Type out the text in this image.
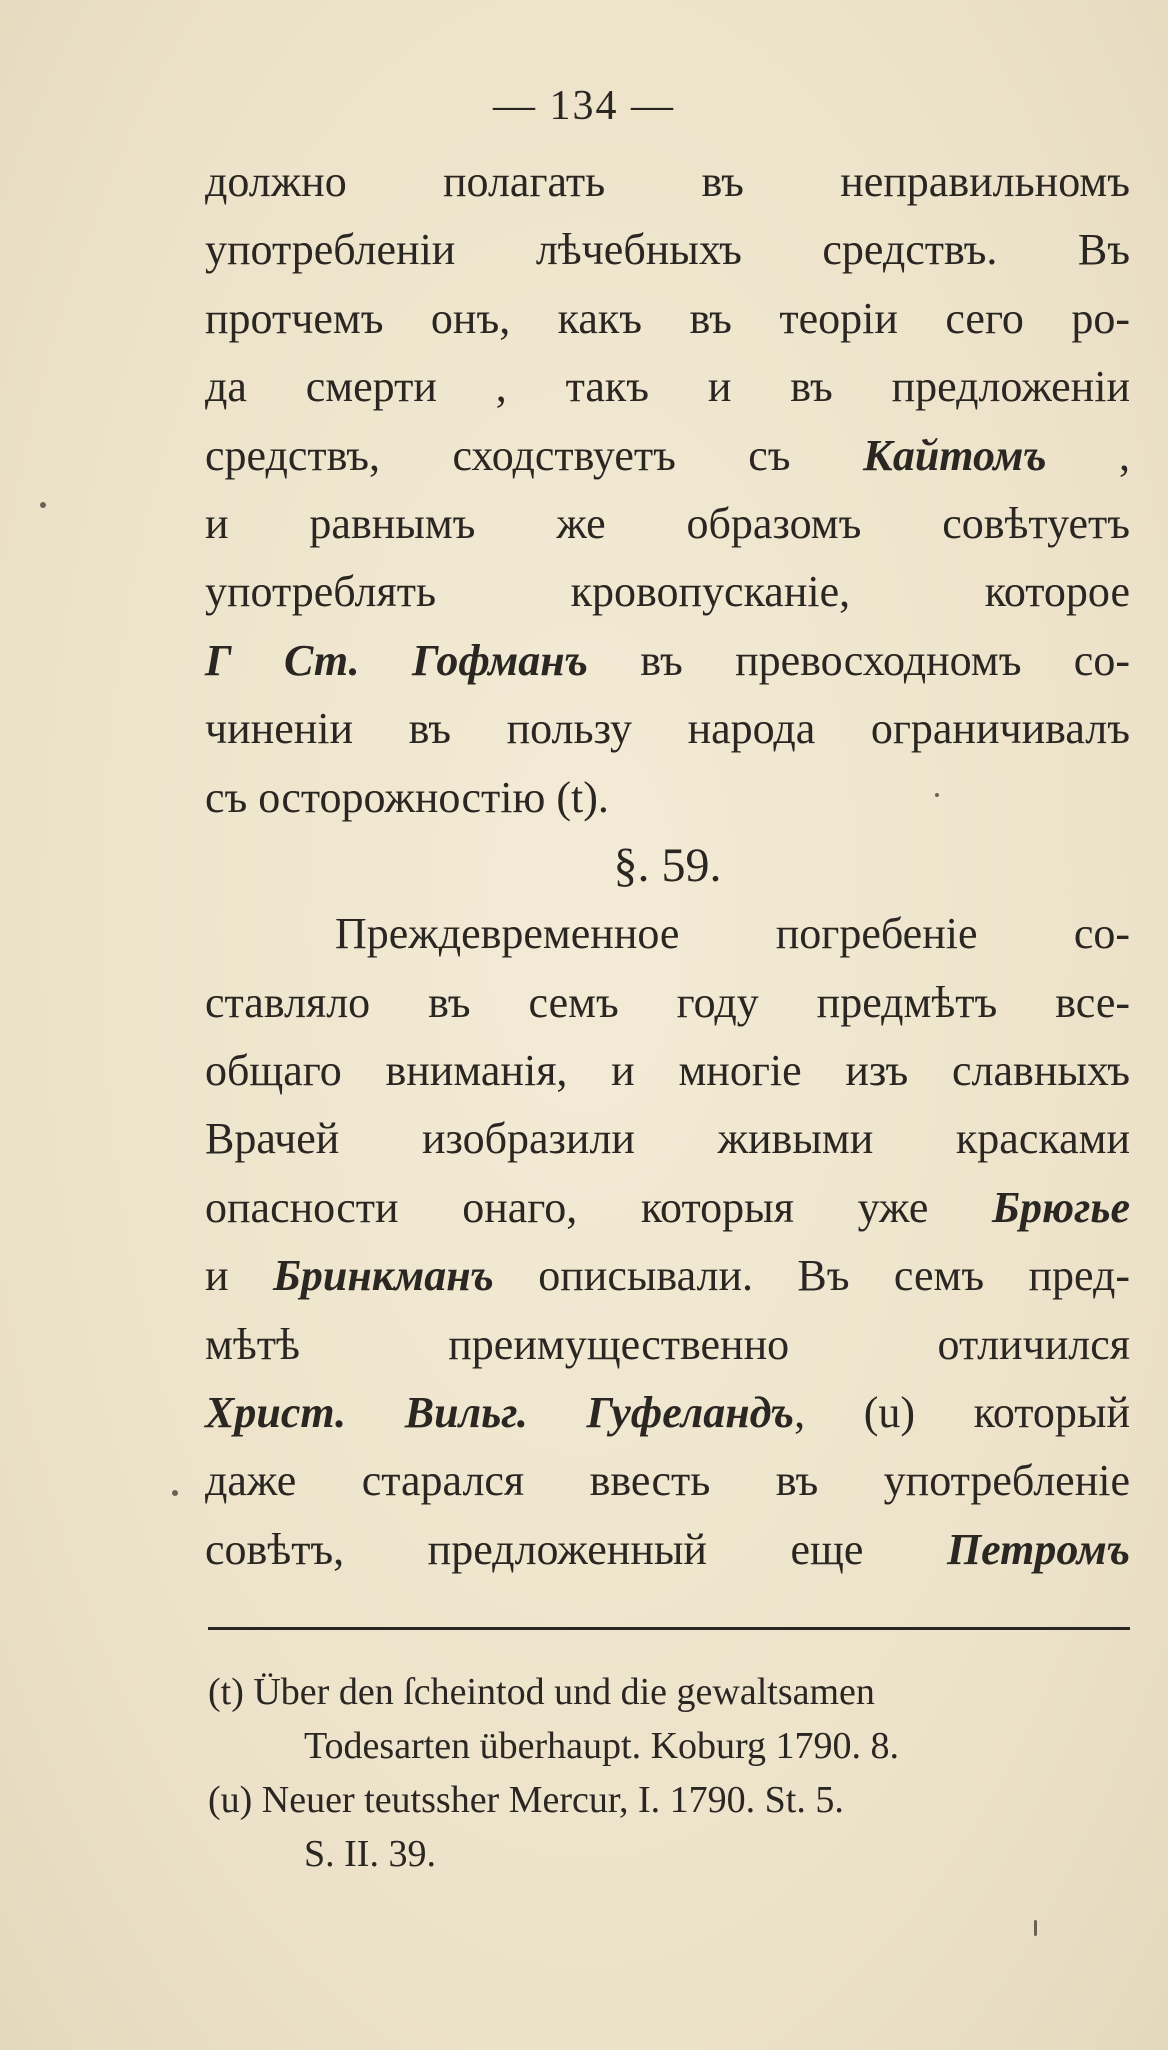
— 134 —
должно полагать въ неправильномъ
употребленіи лѣчебныхъ средствъ. Въ
протчемъ онъ, какъ въ теоріи сего ро-
да смерти , такъ и въ предложеніи
средствъ, сходствуетъ съ Кайтомъ ,
и равнымъ же образомъ совѣтуетъ
употреблять кровопусканіе, которое
Г Ст. Гофманъ въ превосходномъ со-
чиненіи въ пользу народа ограничивалъ
съ осторожностію (t).
§. 59.
Преждевременное погребеніе со-
ставляло въ семъ году предмѣтъ все-
общаго вниманія, и многіе изъ славныхъ
Врачей изобразили живыми красками
опасности онаго, которыя уже Брюгье
и Бринкманъ описывали. Въ семъ пред-
мѣтѣ преимущественно отличился
Христ. Вильг. Гуфеландъ, (u) который
даже старался ввесть въ употребленіе
совѣтъ, предложенный еще Петромъ
(t) Über den ſcheintod und die gewaltsamen
Todesarten überhaupt. Koburg 1790. 8.
(u) Neuer teutssher Mercur, I. 1790. St. 5.
S. II. 39.
